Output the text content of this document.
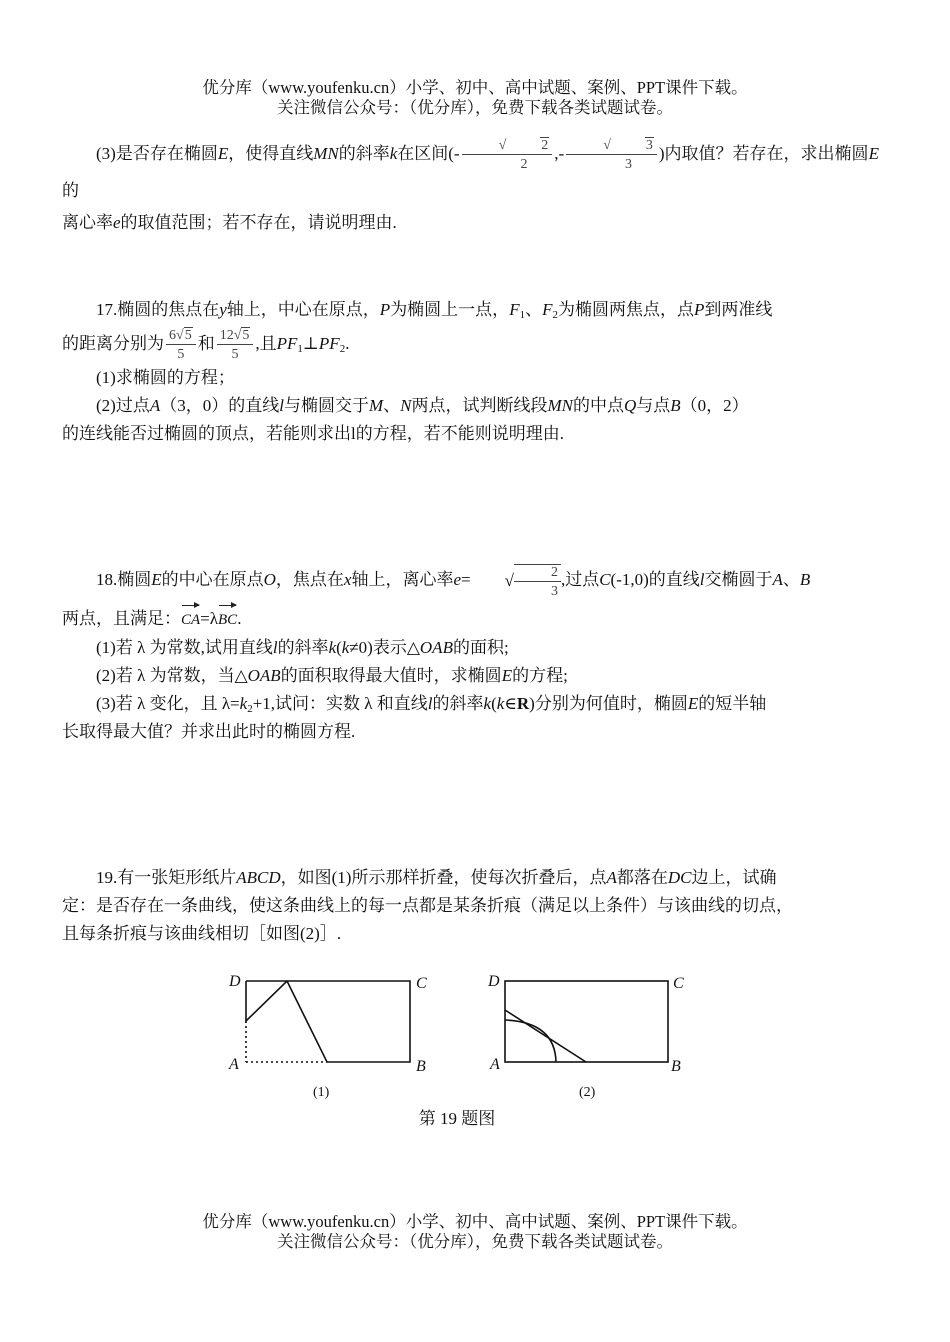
优分库（www.youfenku.cn）小学、初中、高中试题、案例、PPT课件下载。
关注微信公众号：（优分库），免费下载各类试题试卷。

(3)是否存在椭圆E，使得直线MN的斜率k在区间(- √	2
2 ,- √	3
3 )内取值？若存在，求出椭圆E的

离心率e的取值范围；若不存在，请说明理由.

17.椭圆的焦点在y轴上，中心在原点，P为椭圆上一点，$F_1$、$F_2$为椭圆两焦点，点P到两准线

的距离分别为 $\frac{6√5}{5}$ 和 $\frac{12√5}{5}$ ,且$PF_1\perp PF_2$.

(1)求椭圆的方程；

(2)过点A（3，0）的直线l与椭圆交于M、N两点，试判断线段MN的中点Q与点B（0，2）

的连线能否过椭圆的顶点，若能则求出l的方程，若不能则说明理由.

18.椭圆E的中心在原点O，焦点在x轴上，离心率e= √ $\frac{2}{3}$ ,过点C(-1,0)的直线l交椭圆于A、B

两点，且满足：CA=λBC.

(1)若 λ 为常数,试用直线l的斜率k(k≠0)表示△OAB的面积;

(2)若 λ 为常数，当△OAB的面积取得最大值时，求椭圆E的方程;

(3)若 λ 变化，且 $\lambda=k_2+1$,试问：实数 λ 和直线l的斜率k(k∈R)分别为何值时，椭圆E的短半轴

长取得最大值？并求出此时的椭圆方程.

19.有一张矩形纸片ABCD，如图(1)所示那样折叠，使每次折叠后，点A都落在DC边上，试确

定：是否存在一条曲线，使这条曲线上的每一点都是某条折痕（满足以上条件）与该曲线的切点，

且每条折痕与该曲线相切［如图(2)］.

D	C
A	B
(1)
D	C
A	B
(2)
第 19 题图
优分库（www.youfenku.cn）小学、初中、高中试题、案例、PPT课件下载。
关注微信公众号：（优分库），免费下载各类试题试卷。
